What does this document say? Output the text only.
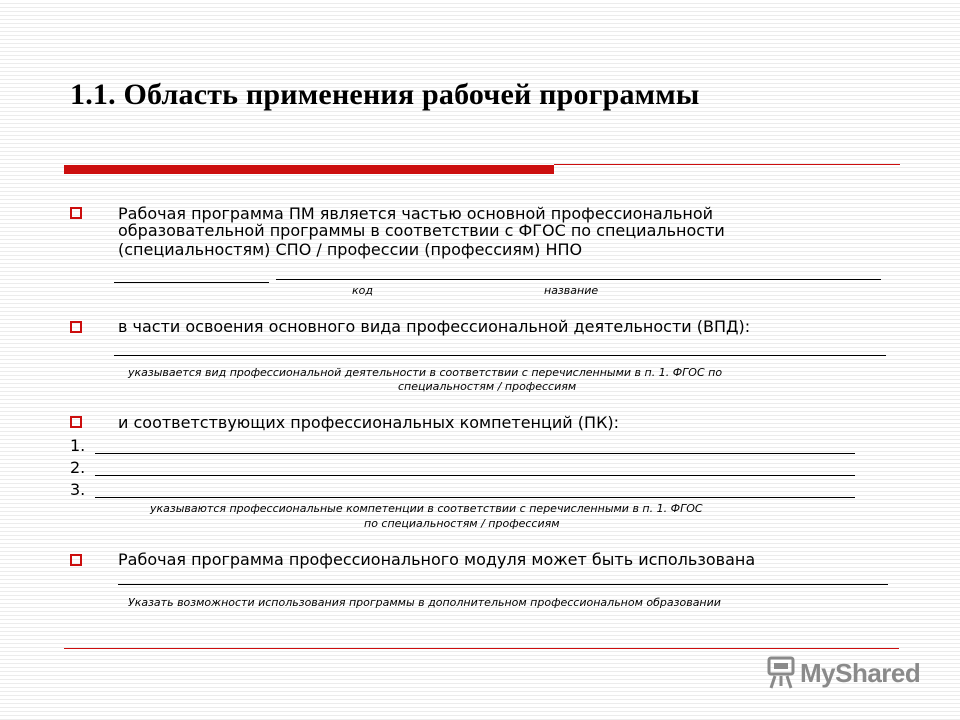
1.1. Область применения рабочей программы
Рабочая программа ПМ является частью основной профессиональной
образовательной программы в соответствии с ФГОС по специальности
(специальностям) СПО / профессии (профессиям) НПО
код	название
в части освоения основного вида профессиональной деятельности (ВПД):
указывается вид профессиональной деятельности в соответствии с перечисленными в п. 1. ФГОС по
специальностям / профессиям
и соответствующих профессиональных компетенций (ПК):
1.
2.
3.
указываются профессиональные компетенции в соответствии с перечисленными в п. 1. ФГОС
по специальностям / профессиям
Рабочая программа профессионального модуля может быть использована
Указать возможности использования программы в дополнительном профессиональном образовании
MyShared
